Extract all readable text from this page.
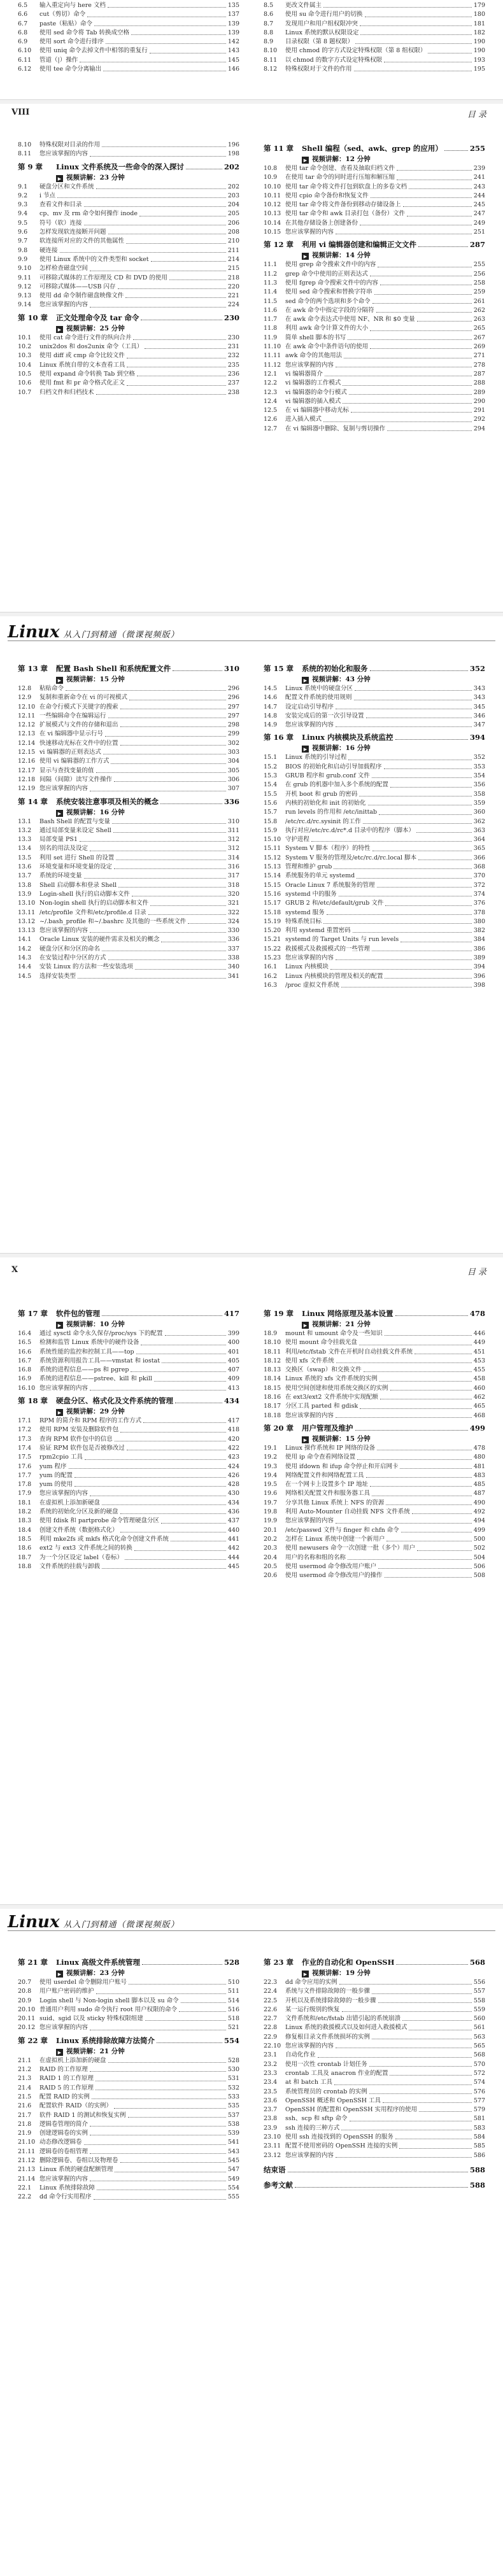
6.5	输入重定向与 here 文档	135
6.6	cut（剪切）命令	137
6.7	paste（粘贴）命令	139
6.8	使用 sed 命令将 Tab 转换成空格	139
6.9	使用 sort 命令进行排序	142
6.10	使用 uniq 命令去掉文件中相邻的重复行	143
6.11	管道（|）操作	145
6.12	使用 tee 命令分离输出	146
8.5	更改文件属主	179
8.6	使用 su 命令进行用户的切换	180
8.7	发现用户和用户组权限冲突	181
8.8	Linux 系统的默认权限设定	182
8.9	目录权限（第 8 题权限）	190
8.10	使用 chmod 的字方式设定特殊权限（第 8 组权限）	190
8.11	以 chmod 的数字方式设定特殊权限	193
8.12	特殊权限对于文件的作用	195
VIII	目 录
8.10	特殊权限对目录的作用	196
8.11	您应该掌握的内容	198
第 9 章	Linux 文件系统及一些命令的深入探讨	202
▶ 视频讲解：23 分钟
9.1	硬盘分区和文件系统	202
9.2	i 节点	203
9.3	查看文件和目录	204
9.4	cp、mv 及 rm 命令如何操作 inode	205
9.5	符号（软）连接	206
9.6	怎样发现软连接断开问题	208
9.7	软连接所对应的文件的其他属性	210
9.8	硬连接	211
9.9	使用 Linux 系统中的文件类型和 socket	214
9.10	怎样检查磁盘空间	215
9.11	可移除式媒体的工作原理及 CD 和 DVD 的使用	218
9.12	可移除式媒体——USB 闪存	220
9.13	使用 dd 命令制作磁盘映像文件	221
9.14	您应该掌握的内容	224
第 10 章	正文处理命令及 tar 命令	230
▶ 视频讲解：25 分钟
10.1	使用 cat 命令进行文件的纵向合并	230
10.2	unix2dos 和 dos2unix 命令（工具）	231
10.3	使用 diff 或 cmp 命令比较文件	232
10.4	Linux 系统自带的文本查看工具	235
10.5	使用 expand 命令转换 Tab 到空格	236
10.6	使用 fmt 和 pr 命令格式化正文	237
10.7	归档文件和归档技术	238
第 11 章	Shell 编程（sed、awk、grep 的应用）	255
▶ 视频讲解：12 分钟
10.8	使用 tar 命令创建、查看及抽取归档文件	239
10.9	在使用 tar 命令的同时进行压缩和解压缩	241
10.10 使用 tar 命令将文件打包到软盘上的多卷文档	243
10.11 使用 cpio 命令备份和恢复文件	244
10.12 使用 tar 命令将文件备份到移动存储设备上	245
10.13 使用 tar 命令和 awk 目录打包（备份）文件	247
10.14 在其他存储设备上创建备份	249
10.15 您应该掌握的内容	251
第 12 章	利用 vi 编辑器创建和编辑正文文件	287
▶ 视频讲解：14 分钟
11.1	使用 grep 命令搜索文件中的内容	255
11.2	grep 命令中使用的正则表达式	256
11.3	使用 fgrep 命令搜索文件中的内容	258
11.4	使用 sed 命令搜索和替换字符串	259
11.5	sed 命令的两个选项和多个命令	261
11.6	在 awk 命令中指定字段的分隔符	262
11.7	在 awk 命令表达式中使用 NF、NR 和 $0 变量	263
11.8	利用 awk 命令计算文件的大小	265
11.9	简单 shell 脚本的书写	267
11.10 在 awk 命令中条件语句的使用	269
11.11 awk 命令的其他用法	271
11.12 您应该掌握的内容	278
12.1	vi 编辑器简介	287
12.2	vi 编辑器的工作模式	288
12.3	vi 编辑器的命令行模式	289
12.4	vi 编辑器的插入模式	290
12.5	在 vi 编辑器中移动光标	291
12.6	进入插入模式	292
12.7	在 vi 编辑器中删除、复制与剪切操作	294
Linux 从入门到精通（微课视频版）
第 13 章	配置 Bash Shell 和系统配置文件	310
▶ 视频讲解：15 分钟
12.8	粘贴命令	296
12.9	复制和重新命令在 vi 的可视模式	296
12.10 在命令行模式下关键字的搜索	297
12.11 一些编辑命令在编辑运行	297
12.12 扩展模式与文件的存储和退出	298
12.13 在 vi 编辑器中显示行号	299
12.14 快速移动光标在文件中的位置	302
12.15 vi 编辑器的正则表达式	303
12.16 使用 vi 编辑器的工作方式	304
12.17 显示与查找变量的值	305
12.18 间隔（间隙）读写文件操作	306
12.19 您应该掌握的内容	307
第 14 章	系统安装注意事项及相关的概念	336
▶ 视频讲解：16 分钟
13.1	Bash Shell 的配置与变量	310
13.2	通过局部变量来设定 Shell	311
13.3	局部变量 PS1	312
13.4	别名的用法及设定	312
13.5	利用 set 进行 Shell 的设置	314
13.6	环境变量和环境变量的设定	316
13.7	系统的环境变量	317
13.8	Shell 启动脚本和登录 Shell	318
13.9	Login-shell 执行的启动脚本文件	320
13.10 Non-login shell 执行的启动脚本和文件	321
13.11 /etc/profile 文件和/etc/profile.d 目录	322
13.12 ~/.bash_profile 和~/.bashrc 及其他的一些系统文件	324
13.13 您应该掌握的内容	330
14.1	Oracle Linux 安装的硬件需求及相关的概念	336
14.2	硬盘分区和分区的命名	337
14.3	在安装过程中分区的方式	338
14.4	安装 Linux 的方法和一些安装选项	340
14.5	选择安装类型	341
第 15 章	系统的初始化和服务	352
▶ 视频讲解：43 分钟
14.5	Linux 系统中的硬盘分区	343
14.6	配置文件系统的使用规则	343
14.7	设定启动引导程序	345
14.8	安装完成后的第一次引导设置	346
14.9	您应该掌握的内容	347
第 16 章	Linux 内核模块及系统监控	394
▶ 视频讲解：16 分钟
15.1	Linux 系统的引导过程	352
15.2	BIOS 的初始化和启动引导加载程序	353
15.3	GRUB 程序和 grub.conf 文件	354
15.4	在 grub 的机器中加入多个系统的配置	356
15.5	开机 boot 和 grub 的密码	358
15.6	内核的初始化和 init 的初始化	359
15.7	run levels 的作用和 /etc/inittab	360
15.8	/etc/rc.d/rc.sysinit 的工作	362
15.9	执行对应/etc/rc.d/rc*.d 目录中的程序（脚本）	363
15.10 守护进程	364
15.11 System V 脚本（程序）的特性	365
15.12 System V 服务的管理及/etc/rc.d/rc.local 脚本	366
15.13 管理和维护 grub	368
15.14 系统服务的单元 systemd	370
15.15 Oracle Linux 7 系统服务的管理	372
15.16 systemd 中的服务	374
15.17 GRUB 2 和/etc/default/grub 文件	376
15.18 systemd 服务	378
15.19 特殊系统目标	380
15.20 利用 systemd 重置密码	382
15.21 systemd 的 Target Units 与 run levels	384
15.22 救援模式及救援模式的一些管理	386
15.23 您应该掌握的内容	389
16.1	Linux 内核模块	394
16.2	Linux 内核模块的管理及相关的配置	396
16.3	/proc 虚拟文件系统	398
X	目 录
第 17 章	软件包的管理	417
▶ 视频讲解：10 分钟
16.4	通过 sysctl 命令永久保存/proc/sys 下的配置	399
16.5	检测和监管 Linux 系统中的硬件设备	400
16.6	系统性能的监控和控制工具——top	401
16.7	系统资源利用报告工具——vmstat 和 iostat	405
16.8	系统的进程信息——ps 和 pgrep	407
16.9	系统的进程信息——pstree、kill 和 pkill	409
16.10 您应该掌握的内容	413
第 18 章	硬盘分区、格式化及文件系统的管理	434
▶ 视频讲解：29 分钟
17.1	RPM 的简介和 RPM 程序的工作方式	417
17.2	使用 RPM 安装及删除软件包	418
17.3	查询 RPM 软件包中的信息	420
17.4	验证 RPM 软件包是否被修改过	422
17.5	rpm2cpio 工具	423
17.6	yum 程序	424
17.7	yum 的配置	426
17.8	yum 的使用	428
17.9	您应该掌握的内容	430
18.1	在虚拟机上添加新硬盘	434
18.2	系统的初始化分区及新的硬盘	436
18.3	使用 fdisk 和 partprobe 命令管理硬盘分区	437
18.4	创建文件系统（数据格式化）	440
18.5	利用 mke2fs 或 mkfs 格式化命令创建文件系统	441
18.6	ext2 与 ext3 文件系统之间的转换	442
18.7	为一个分区设定 label（卷标）	444
18.8	文件系统的挂载与卸载	445
第 19 章	Linux 网络原理及基本设置	478
▶ 视频讲解：21 分钟
18.9	mount 和 umount 命令及一些知识	446
18.10 使用 mount 命令挂载光盘	449
18.11 利用/etc/fstab 文件在开机时自动挂载文件系统	451
18.12 使用 xfs 文件系统	453
18.13 交换区（swap）和交换文件	455
18.14 Linux 系统的 xfs 文件系统的实例	458
18.15 使用空间创建和使用系统交换区的实例	460
18.16 在 ext3/ext2 文件系统中实现配额	462
18.17 分区工具 parted 和 gdisk	465
18.18 您应该掌握的内容	468
第 20 章	用户管理及维护	499
▶ 视频讲解：15 分钟
19.1	Linux 操作系统和 IP 网络的设备	478
19.2	使用 ip 命令查看网络设置	480
19.3	使用 ifdown 和 ifup 命令停止和开启网卡	481
19.4	网络配置文件和网络配置工具	483
19.5	在一个网卡上设置多个 IP 地址	485
19.6	网络相关配置文件和服务器工具	487
19.7	分享其他 Linux 系统上 NFS 的资源	490
19.8	利用 Auto-Mounter 自动挂载 NFS 文件系统	492
19.9	您应该掌握的内容	494
20.1	/etc/passwd 文件与 finger 和 chfn 命令	499
20.2	怎样在 Linux 系统中创建一个新用户	500
20.3	使用 newusers 命令一次创建一批（多个）用户	502
20.4	用户的名称和组的名称	504
20.5	使用 usermod 命令修改用户账户	506
20.6	使用 usermod 命令修改用户的操作	508
Linux 从入门到精通（微课视频版）
第 21 章	Linux 高级文件系统管理	528
▶ 视频讲解：23 分钟
20.7	使用 userdel 命令删除用户账号	510
20.8	用户账户密码的维护	511
20.9	Login shell 与 Non-login shell 脚本以及 su 命令	514
20.10 普通用户利用 sudo 命令执行 root 用户权限的命令	516
20.11 suid、sgid 以及 sticky 特殊权限组建	518
20.12 您应该掌握的内容	521
第 22 章	Linux 系统排除故障方法简介	554
▶ 视频讲解：21 分钟
21.1	在虚拟机上添加新的硬盘	528
21.2	RAID 的工作原理	530
21.3	RAID 1 的工作原理	531
21.4	RAID 5 的工作原理	532
21.5	配置 RAID 的实例	533
21.6	配置软件 RAID（的实例）	535
21.7	软件 RAID 1 的测试和恢复实例	537
21.8	逻辑卷管理的简介	538
21.9	创建逻辑卷的实例	539
21.10 动态修改逻辑卷	541
21.11 逻辑卷的卷组管理	543
21.12 删除逻辑卷、卷组以及物理卷	545
21.13 Linux 系统的硬盘配额管理	547
21.14 您应该掌握的内容	549
22.1	Linux 系统排除故障	554
22.2	dd 命令行实用程序	555
第 23 章	作业的自动化和 OpenSSH	568
▶ 视频讲解：19 分钟
22.3	dd 命令应用的实例	556
22.4	系统与文件排除故障的一般步骤	557
22.5	开机以及系统排除故障的一般步骤	558
22.6	某一运行级别的恢复	559
22.7	文件系统和/etc/fstab 出错引起的系统崩溃	560
22.8	Linux 系统的救援模式以及如何进入救援模式	561
22.9	修复根目录文件系统损坏的实例	563
22.10 您应该掌握的内容	565
23.1	自动化作业	568
23.2	使用一次性 crontab 计划任务	570
23.3	crontab 工具及 anacron 作业的配置	572
23.4	at 和 batch 工具	574
23.5	系统管理员的 crontab 的实例	576
23.6	OpenSSH 概述和 OpenSSH 工具	577
23.7	OpenSSH 的配置和 OpenSSH 实用程序的使用	579
23.8	ssh、scp 和 sftp 命令	581
23.9	ssh 连接的三种方式	583
23.10 使用 ssh 连接找到的 OpenSSH 的服务	584
23.11 配置不使用密码的 OpenSSH 连接的实例	585
23.12 您应该掌握的内容	586
结束语	588
参考文献	588
